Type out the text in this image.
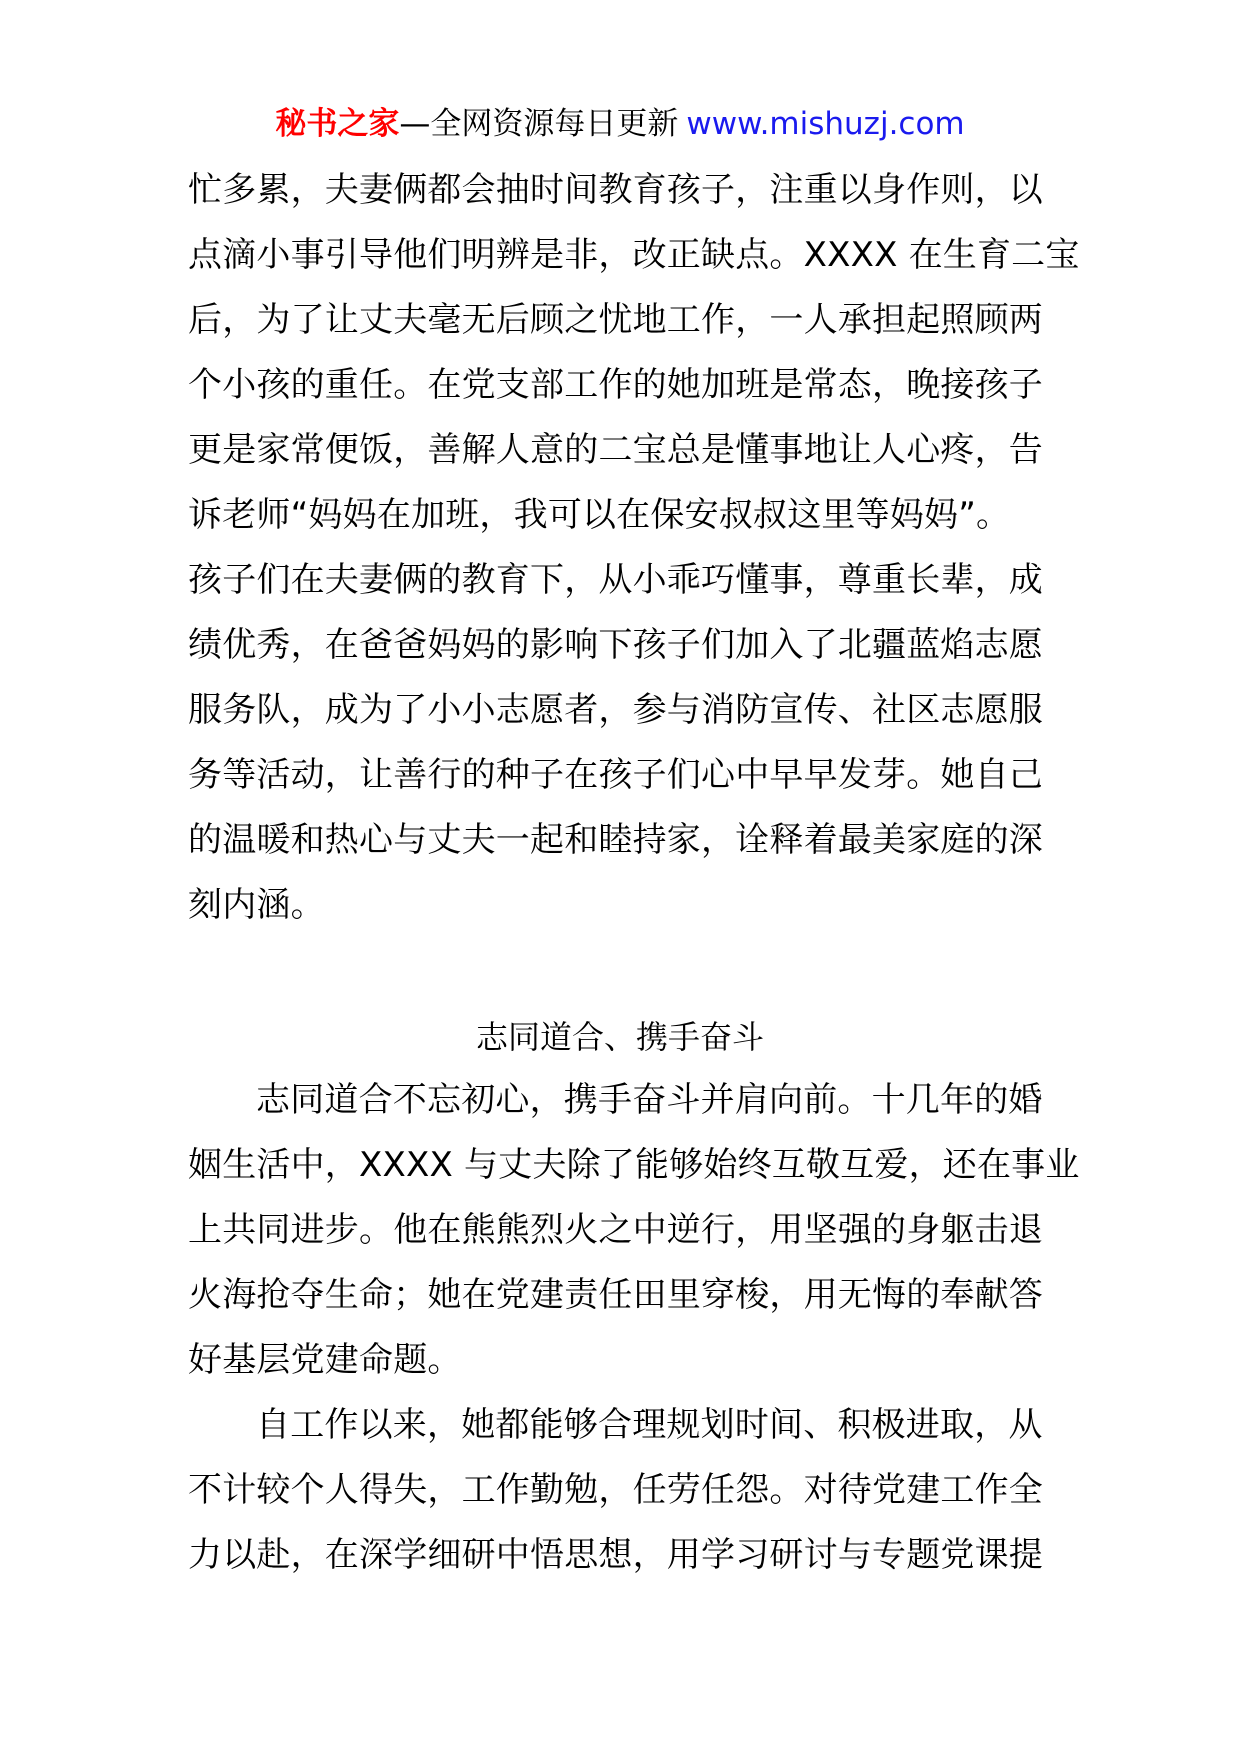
秘书之家—全网资源每日更新 www.mishuzj.com
忙多累，夫妻俩都会抽时间教育孩子，注重以身作则，以
点滴小事引导他们明辨是非，改正缺点。XXXX 在生育二宝
后，为了让丈夫毫无后顾之忧地工作，一人承担起照顾两
个小孩的重任。在党支部工作的她加班是常态，晚接孩子
更是家常便饭，善解人意的二宝总是懂事地让人心疼，告
诉老师“妈妈在加班，我可以在保安叔叔这里等妈妈”。
孩子们在夫妻俩的教育下，从小乖巧懂事，尊重长辈，成
绩优秀，在爸爸妈妈的影响下孩子们加入了北疆蓝焰志愿
服务队，成为了小小志愿者，参与消防宣传、社区志愿服
务等活动，让善行的种子在孩子们心中早早发芽。她自己
的温暖和热心与丈夫一起和睦持家，诠释着最美家庭的深
刻内涵。
志同道合、携手奋斗
志同道合不忘初心，携手奋斗并肩向前。十几年的婚
姻生活中，XXXX 与丈夫除了能够始终互敬互爱，还在事业
上共同进步。他在熊熊烈火之中逆行，用坚强的身躯击退
火海抢夺生命；她在党建责任田里穿梭，用无悔的奉献答
好基层党建命题。
自工作以来，她都能够合理规划时间、积极进取，从
不计较个人得失，工作勤勉，任劳任怨。对待党建工作全
力以赴，在深学细研中悟思想，用学习研讨与专题党课提
